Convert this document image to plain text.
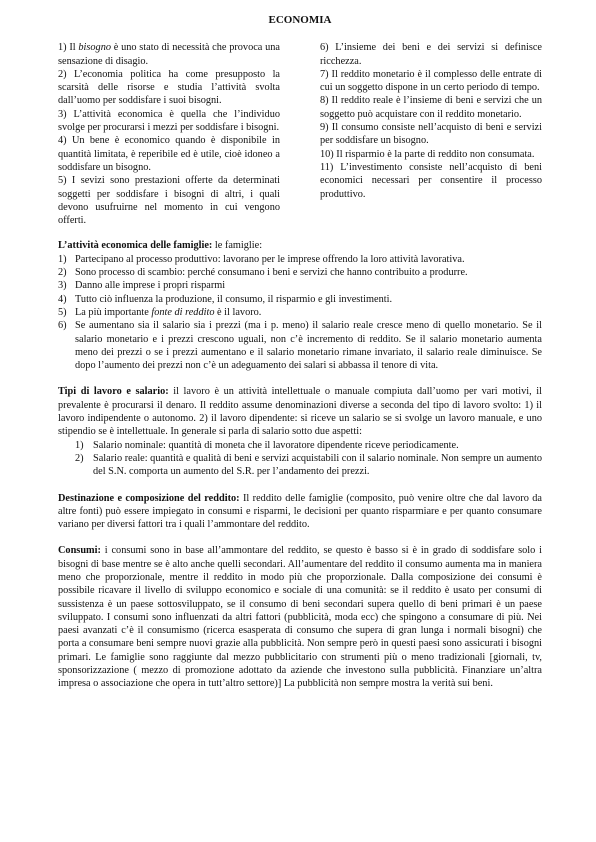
ECONOMIA

1) Il bisogno è uno stato di necessità che provoca una sensazione di disagio.

2) L’economia politica ha come presupposto la scarsità delle risorse e studia l’attività svolta dall’uomo per soddisfare i suoi bisogni.

3) L’attività economica è quella che l’individuo svolge per procurarsi i mezzi per soddisfare i bisogni.

4) Un bene è economico quando è disponibile in quantità limitata, è reperibile ed è utile, cioè idoneo a soddisfare un bisogno.

5) I sevizi sono prestazioni offerte da determinati soggetti per soddisfare i bisogni di altri, i quali devono usufruirne nel momento in cui vengono offerti.

6) L’insieme dei beni e dei servizi si definisce ricchezza.

7) Il reddito monetario è il complesso delle entrate di cui un soggetto dispone in un certo periodo di tempo.

8) Il reddito reale è l’insieme di beni e servizi che un soggetto può acquistare con il reddito monetario.

9) Il consumo consiste nell’acquisto di beni e servizi per soddisfare un bisogno.

10) Il risparmio è la parte di reddito non consumata.

11) L’investimento consiste nell’acquisto di beni economici necessari per consentire il processo produttivo.

L’attività economica delle famiglie: le famiglie:

1) Partecipano al processo produttivo: lavorano per le imprese offrendo la loro attività lavorativa.
2) Sono processo di scambio: perché consumano i beni e servizi che hanno contribuito a produrre.
3) Danno alle imprese i propri risparmi
4) Tutto ciò influenza la produzione, il consumo, il risparmio e gli investimenti.
5) La più importante fonte di reddito è il lavoro.
6) Se aumentano sia il salario sia i prezzi (ma i p. meno) il salario reale cresce meno di quello monetario. Se il salario monetario e i prezzi crescono uguali, non c’è incremento di reddito. Se il salario monetario aumenta meno dei prezzi o se i prezzi aumentano e il salario monetario rimane invariato, il salario reale diminuisce. Se dopo l’aumento dei prezzi non c’è un adeguamento dei salari si abbassa il tenore di vita.

Tipi di lavoro e salario: il lavoro è un attività intellettuale o manuale compiuta dall’uomo per vari motivi, il prevalente è procurarsi il denaro. Il reddito assume denominazioni diverse a seconda del tipo di lavoro svolto: 1) il lavoro indipendente o autonomo. 2) il lavoro dipendente: si riceve un salario se si svolge un lavoro manuale, e uno stipendio se è intellettuale. In generale si parla di salario sotto due aspetti:

1) Salario nominale: quantità di moneta che il lavoratore dipendente riceve periodicamente.
2) Salario reale: quantità e qualità di beni e servizi acquistabili con il salario nominale. Non sempre un aumento del S.N. comporta un aumento del S.R. per l’andamento dei prezzi.

Destinazione e composizione del reddito: Il reddito delle famiglie (composito, può venire oltre che dal lavoro da altre fonti) può essere impiegato in consumi e risparmi, le decisioni per quanto risparmiare e per quanto consumare variano per diversi fattori tra i quali l’ammontare del reddito.

Consumi: i consumi sono in base all’ammontare del reddito, se questo è basso si è in grado di soddisfare solo i bisogni di base mentre se è alto anche quelli secondari. All’aumentare del reddito il consumo aumenta ma in maniera meno che proporzionale, mentre il reddito in modo più che proporzionale. Dalla composizione dei consumi è possibile ricavare il livello di sviluppo economico e sociale di una comunità: se il reddito è usato per consumi di sussistenza è un paese sottosviluppato, se il consumo di beni secondari supera quello di beni primari è un paese sviluppato. I consumi sono influenzati da altri fattori (pubblicità, moda ecc) che spingono a consumare di più. Nei paesi avanzati c’è il consumismo (ricerca esasperata di consumo che supera di gran lunga i normali bisogni) che porta a consumare beni sempre nuovi grazie alla pubblicità. Non sempre però in questi paesi sono assicurati i bisogni primari. Le famiglie sono raggiunte dal mezzo pubblicitario con strumenti più o meno tradizionali [giornali, tv, sponsorizzazione ( mezzo di promozione adottato da aziende che investono sulla pubblicità. Finanziare un’altra impresa o associazione che opera in tutt’altro settore)] La pubblicità non sempre mostra la verità sui beni.
